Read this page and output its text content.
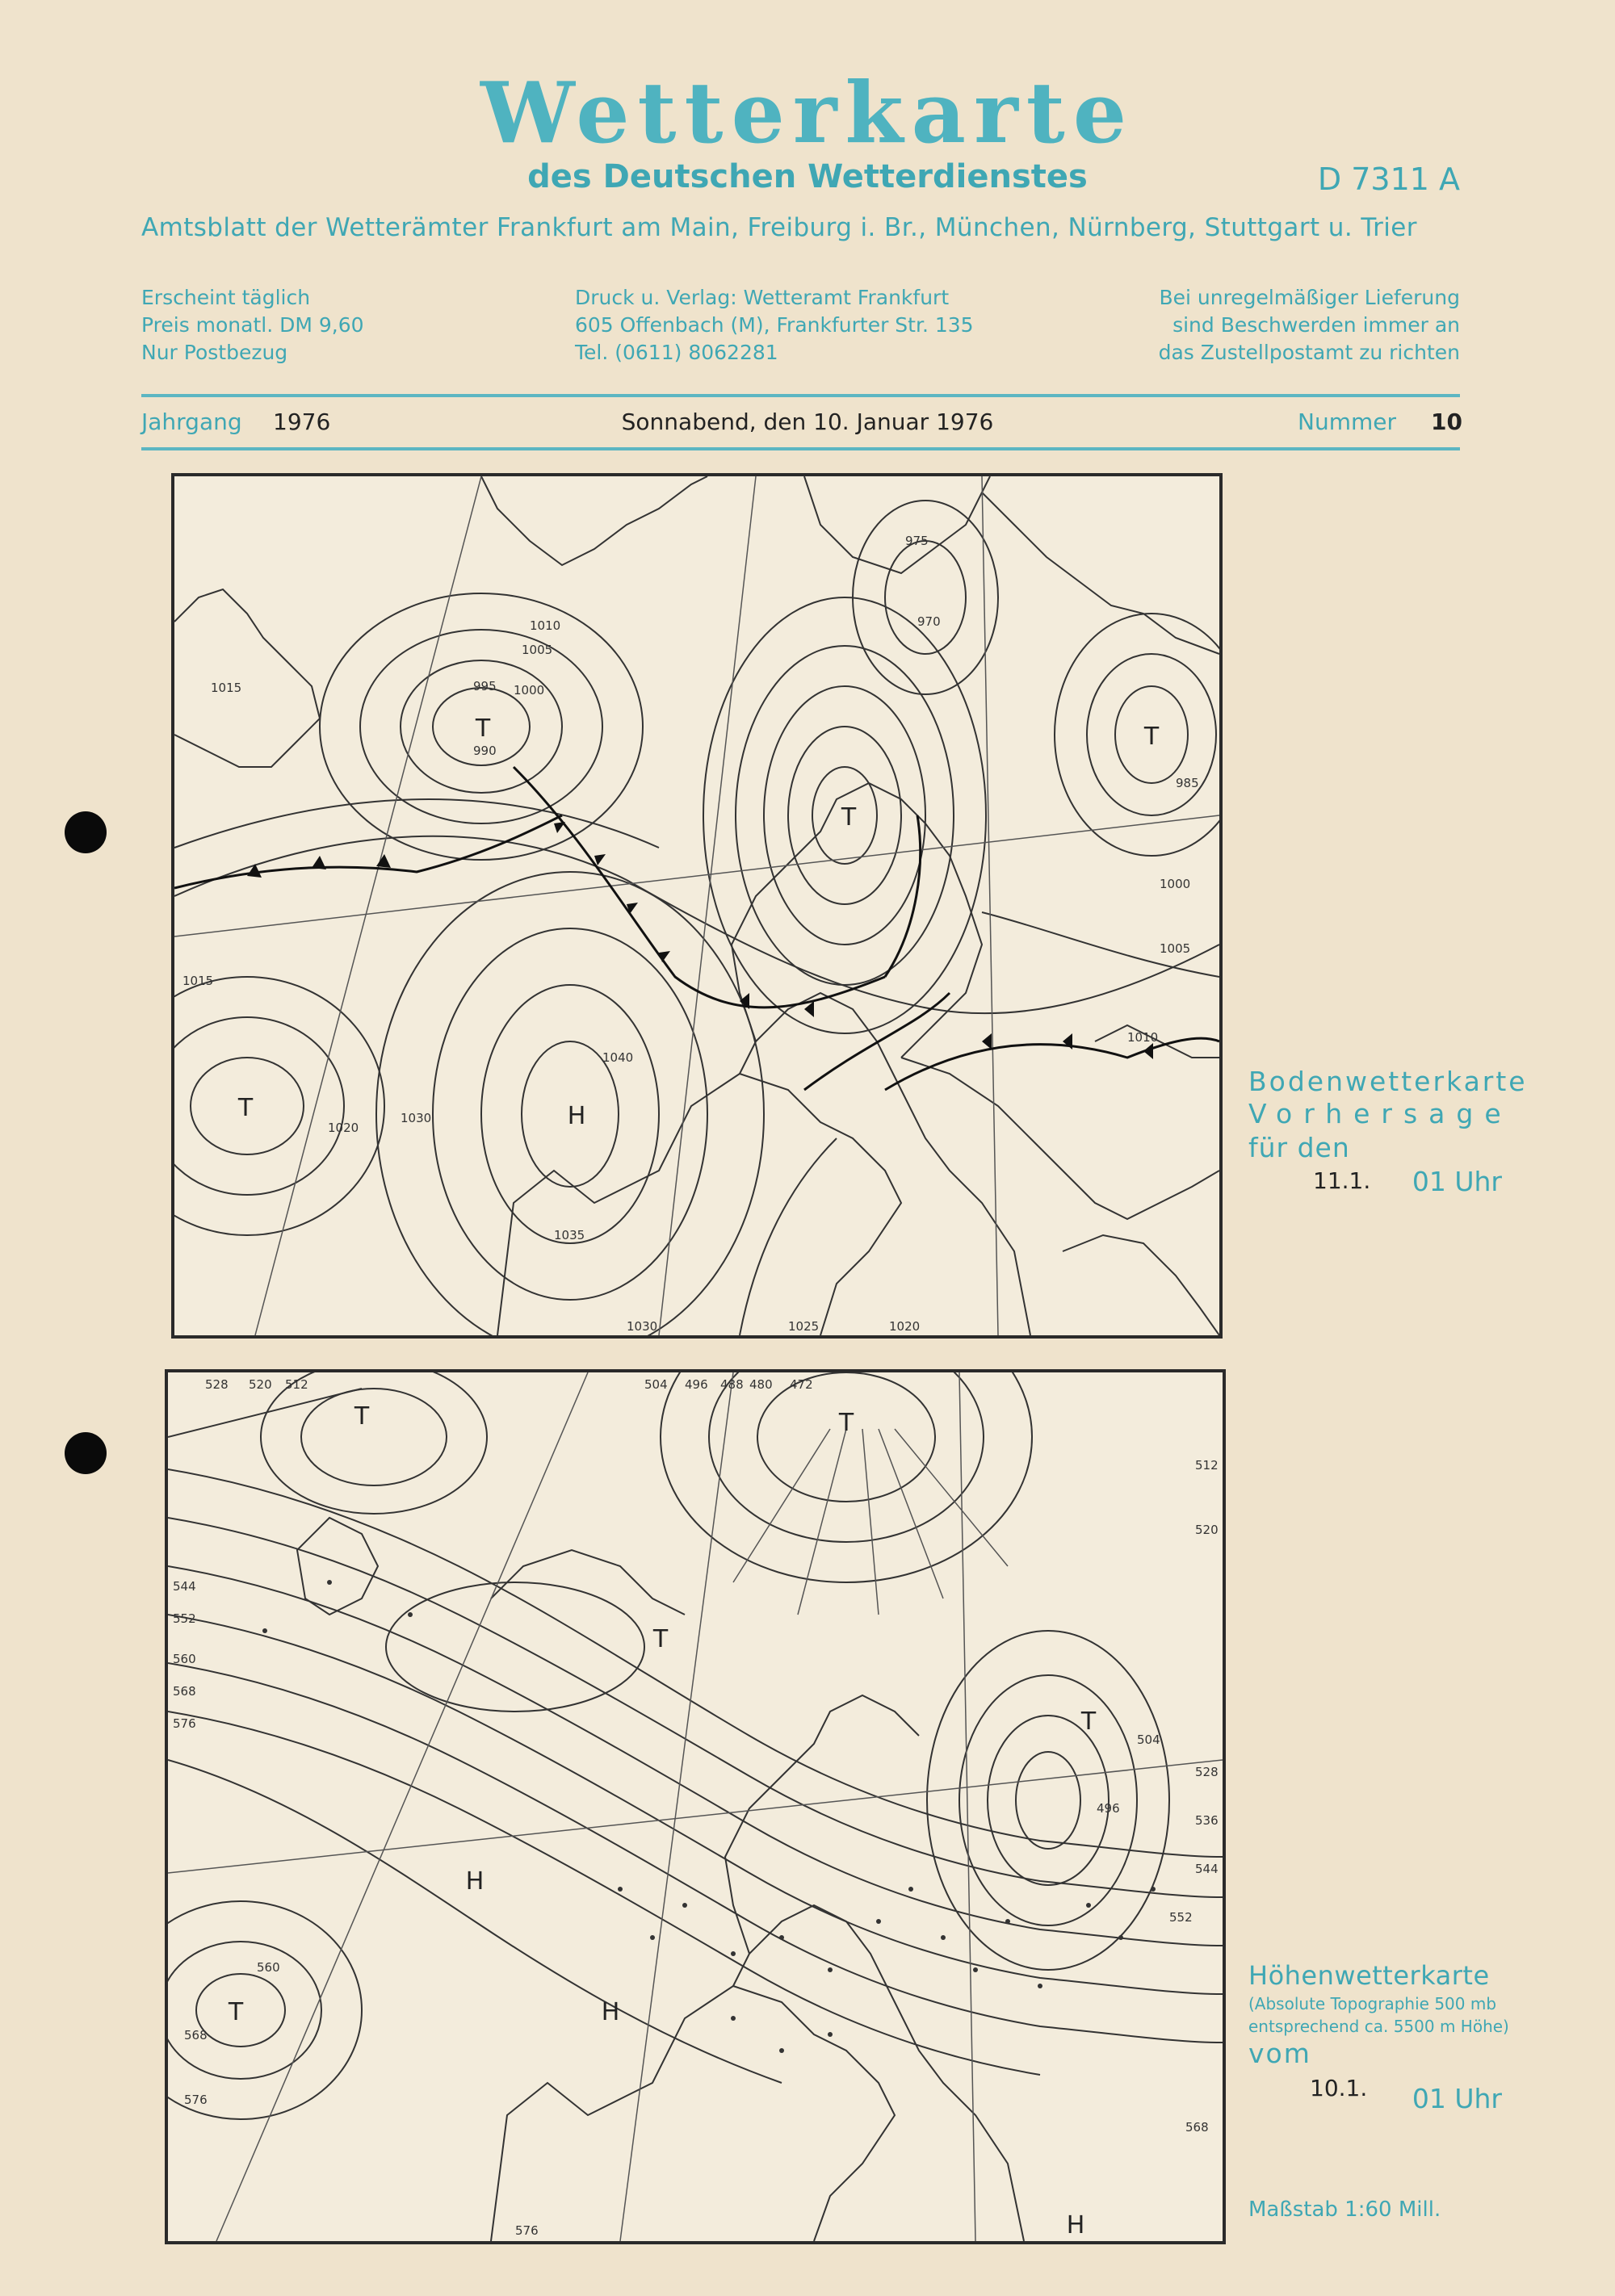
Wetterkarte
des Deutschen Wetterdienstes	D 7311 A
Amtsblatt der Wetterämter Frankfurt am Main, Freiburg i. Br., München, Nürnberg, Stuttgart u. Trier
Erscheint täglich
Preis monatl. DM 9,60
Nur Postbezug
Druck u. Verlag: Wetteramt Frankfurt
605 Offenbach (M), Frankfurter Str. 135
Tel. (0611) 8062281
Bei unregelmäßiger Lieferung
sind Beschwerden immer an
das Zustellpostamt zu richten
Jahrgang 1976	Sonnabend, den 10. Januar 1976	Nummer 10
T
T
T
T	H
1000
995
990
1005
1010
1015
1020
1030
1035
1040
1030	1025	1020
985
975
970
1000
1005
1010
1015
Bodenwetterkarte
Vorhersage
für den
11.1. 01 Uhr
T	T
T
T
T
H
H
H
528 520 512	504 496 488 480 472
544
552
560
568
576
560
568
576
496
504
512
520
528
536
544
552
568
576
Höhenwetterkarte
(Absolute Topographie 500 mb
entsprechend ca. 5500 m Höhe)
vom
10.1. 01 Uhr
Maßstab 1:60 Mill.
